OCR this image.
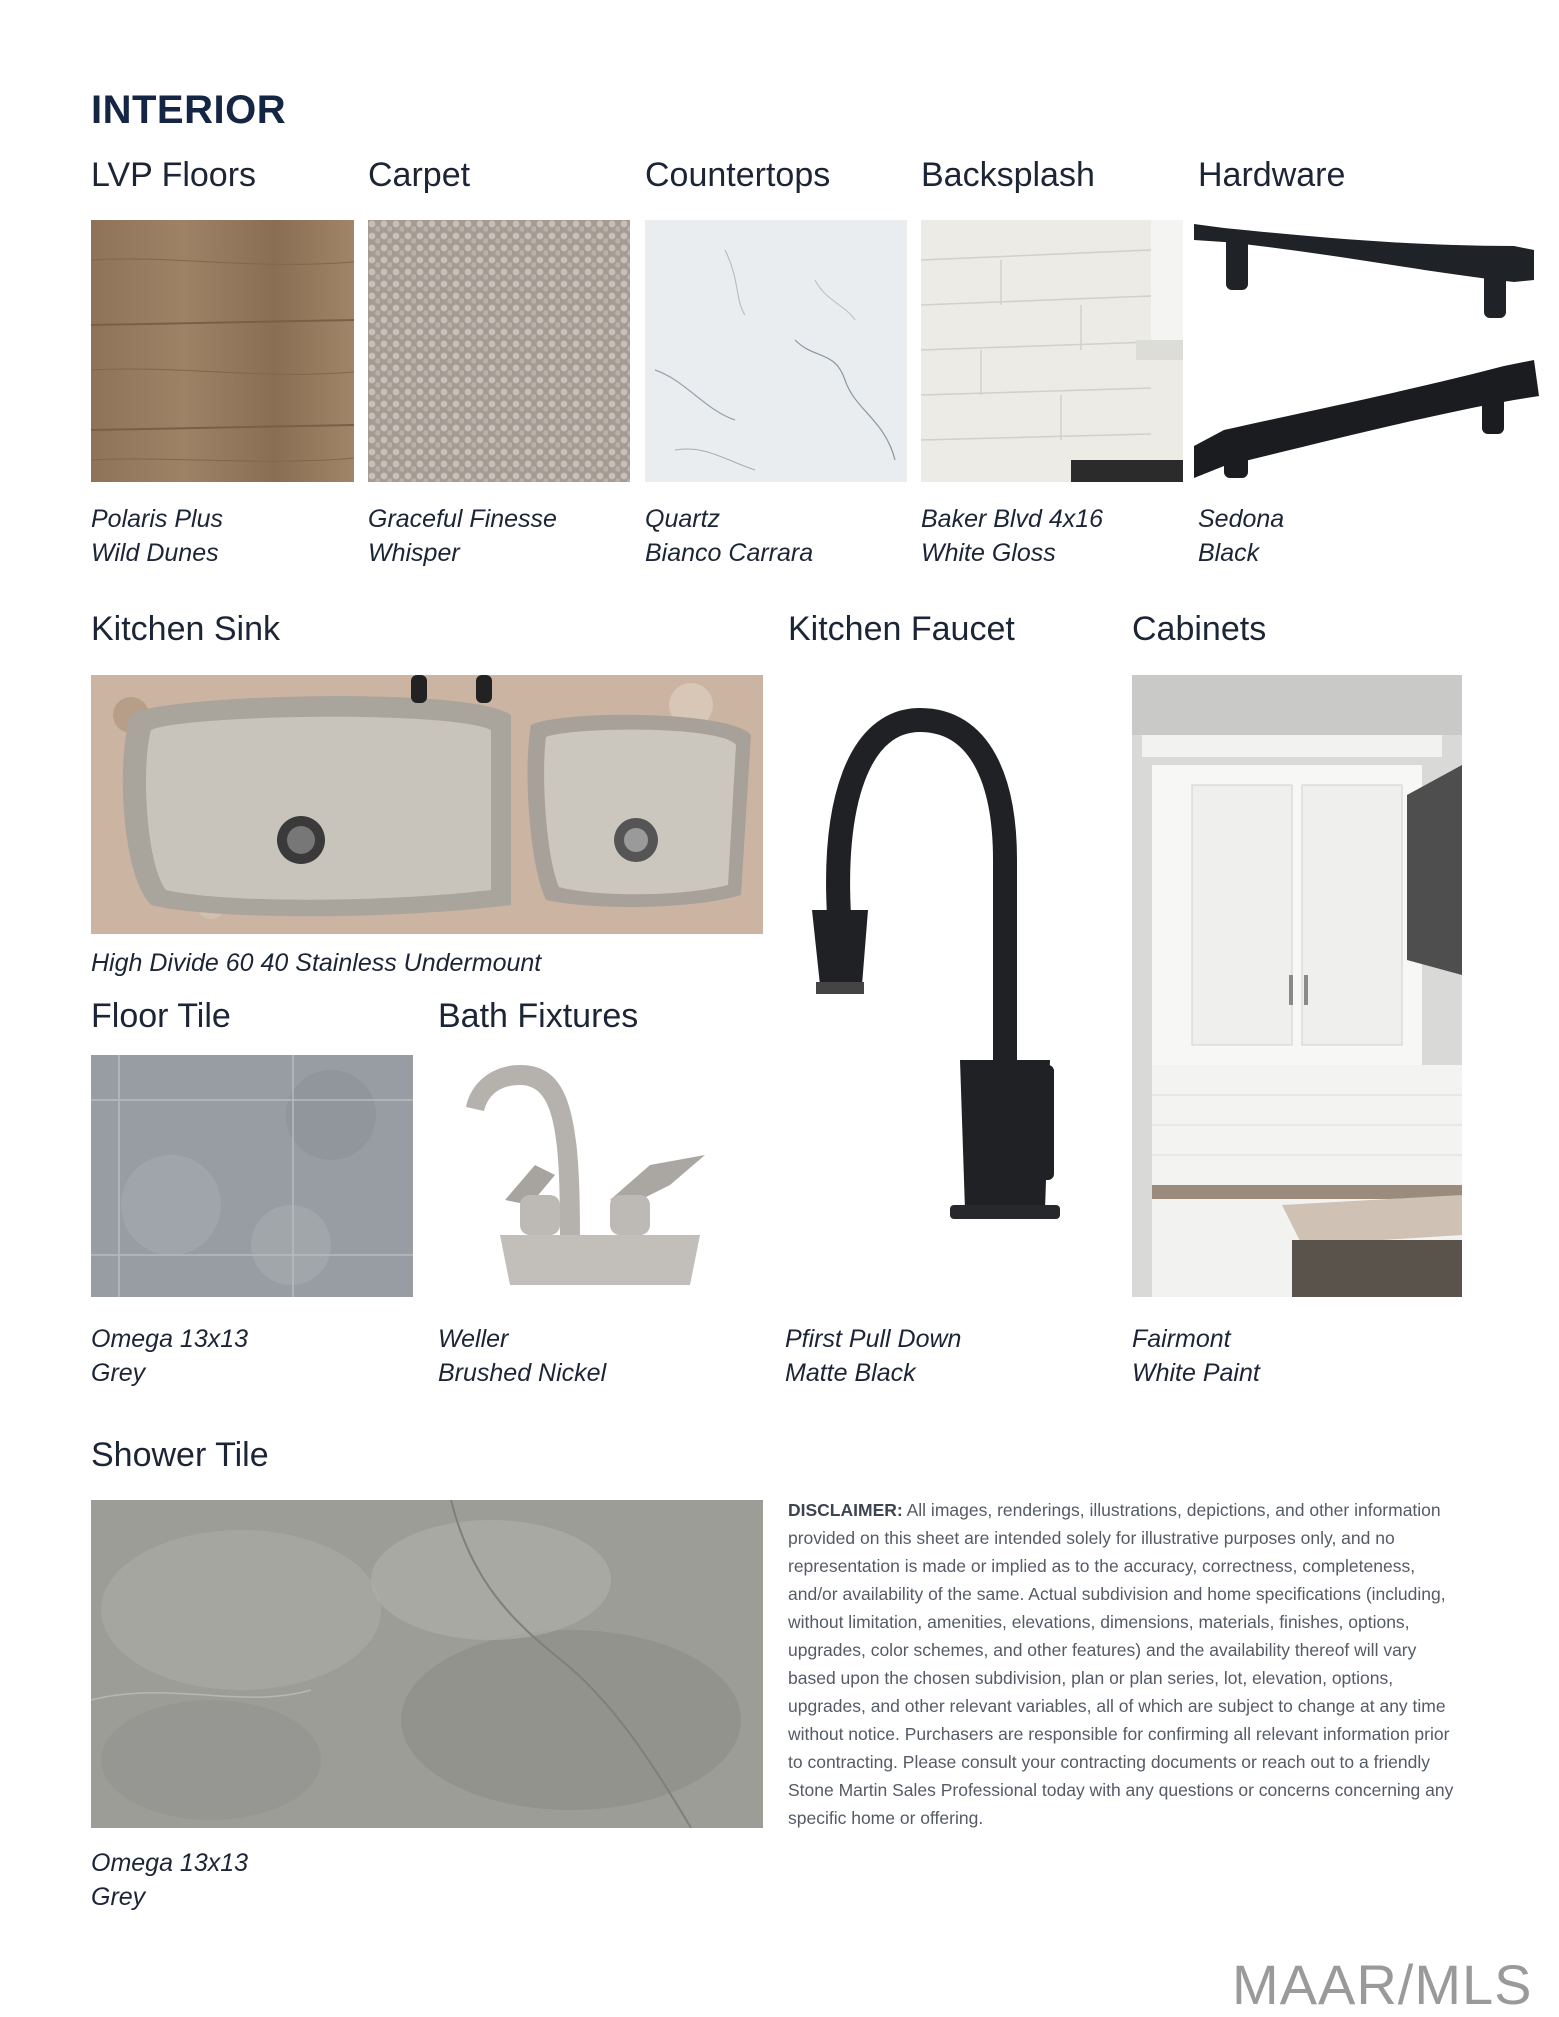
INTERIOR
LVP Floors	Carpet	Countertops	Backsplash	Hardware
Polaris Plus
Wild Dunes
Graceful Finesse
Whisper
Quartz
Bianco Carrara
Baker Blvd 4x16
White Gloss
Sedona
Black
Kitchen Sink	Kitchen Faucet	Cabinets
High Divide 60 40 Stainless Undermount
Floor Tile	Bath Fixtures
Omega 13x13
Grey
Weller
Brushed Nickel
Pfirst Pull Down
Matte Black
Fairmont
White Paint
Shower Tile
Omega 13x13
Grey
DISCLAIMER: All images, renderings, illustrations, depictions, and other information provided on this sheet are intended solely for illustrative purposes only, and no representation is made or implied as to the accuracy, correctness, completeness, and/or availability of the same. Actual subdivision and home specifications (including, without limitation, amenities, elevations, dimensions, materials, finishes, options, upgrades, color schemes, and other features) and the availability thereof will vary based upon the chosen subdivision, plan or plan series, lot, elevation, options, upgrades, and other relevant variables, all of which are subject to change at any time without notice. Purchasers are responsible for confirming all relevant information prior to contracting. Please consult your contracting documents or reach out to a friendly Stone Martin Sales Professional today with any questions or concerns concerning any specific home or offering.
MAAR/MLS
